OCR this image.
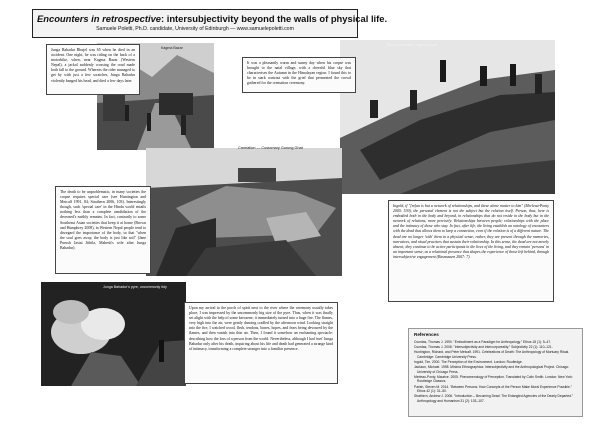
Encounters in retrospective: intersubjectivity beyond the walls of physical life.
Samuele Poletti, Ph.D. candidate, University of Edinburgh — www.samuelepoletti.com
Kagma Bazar
Junga Bahadur Bhujel was 65 when he died in an accident. One night, he was riding on the back of a motorbike, when, near Kagma Bazar (Western Nepal), a jackal suddenly crossing the road made both fall to the ground. Whereas the rider managed to get by with just a few scratches, Junga Bahadur violently banged his head, and died a few days later.
Final Preparation, Kagma Bazar
It was a pleasantly warm and sunny day when his corpse was brought to the natal village, with a cheerful blue sky that characterises the Autumn in the Himalayan region. I found this to be in stark contrast with the grief that permeated the crowd gathered for the cremation ceremony.
Cremation — Customary Gurung Ghat
The death to be unproblematic, in many societies the corpse requires special care (see Huntington and Metcalf 1991, 84; Strathern 2006, 103). Interestingly though, such 'special care' in the Hindu world entails nothing less than a complete annihilation of the deceased's earthly remains. In fact, contrarily to some Southeast Asian societies that keep it at home (Brown and Humphrey 2008), in Western Nepal people tend to disregard the importance of the body, so that "when the soul goes away, the body is just like soil" (Jane Purush Jastai Jithila, Mahesh's wife after Junga Bahadur).
Ingold, if "[m]an is but a network of relationships, and these alone matter to him" (Merleau-Ponty 2005: 530), the personal element is not the subject but the relation itself. Person, thus, here is embodied both in the body and beyond, in relationships that do not reside in the body but in the network of relations, more precisely: Relationships between people; relationships with the place and the intimacy of those who stay. In fact, after life, the living establish an ontology of encounters with the dead that allows them to keep a connection, even if the relation is of a different nature. The dead are no longer 'with' them in a physical sense; rather, they are present through the memories, narratives, and ritual practices that sustain their relationship. In this sense, the dead are not merely absent; they continue to be active participants in the lives of the living, and they remain 'persons' in an important sense, as a relational presence that shapes the experience of those left behind, through intersubjective engagement (Rasmussen 2007: 7).
Junga Bahadur's pyre, uncommonly tidy
Upon my arrival to the porch of spirit next to the river where the ceremony usually takes place, I was impressed by the uncommonly big size of the pyre. Thus, when it was finally set alight with the help of some kerosene, it immediately turned into a huge fire. The flames, very high into the air, were gently dancing cradled by the afternoon wind. Looking straight into the fire, I watched wood, flesh, tendons, bones, hopes, and fears being devoured by the flames, and then vanish into thin air. Then, I found it somehow an enchanting spectacle: describing how the loss of a person from the world. Nevertheless, although I had 'met' Junga Bahadur only after his death, inquiring about his life and death had generated a strange kind of intimacy, transforming a complete stranger into a familiar presence.
References
Csordas, Thomas J. 1990. "Embodiment as a Paradigm for Anthropology." Ethos 18 (1): 5–47.
Csordas, Thomas J. 2008. "Intersubjectivity and Intercorporeality." Subjectivity 22 (1): 110–121.
Huntington, Richard, and Peter Metcalf. 1991. Celebrations of Death: The Anthropology of Mortuary Ritual. Cambridge: Cambridge University Press.
Ingold, Tim. 2000. The Perception of the Environment. London: Routledge.
Jackson, Michael. 1998. Minima Ethnographica: Intersubjectivity and the Anthropological Project. Chicago: University of Chicago Press.
Merleau-Ponty, Maurice. 2005. Phenomenology of Perception. Translated by Colin Smith. London: New York: Routledge Classics.
Parish, Steven M. 2014. "Between Persons: How Concepts of the Person Make Moral Experience Possible." Ethos 42 (1): 31–50.
Strathern, Andrew J. 2006. "Introduction – Becoming Dead: The Entangled Agencies of the Dearly Departed." Anthropology and Humanism 31 (2): 103–107.
